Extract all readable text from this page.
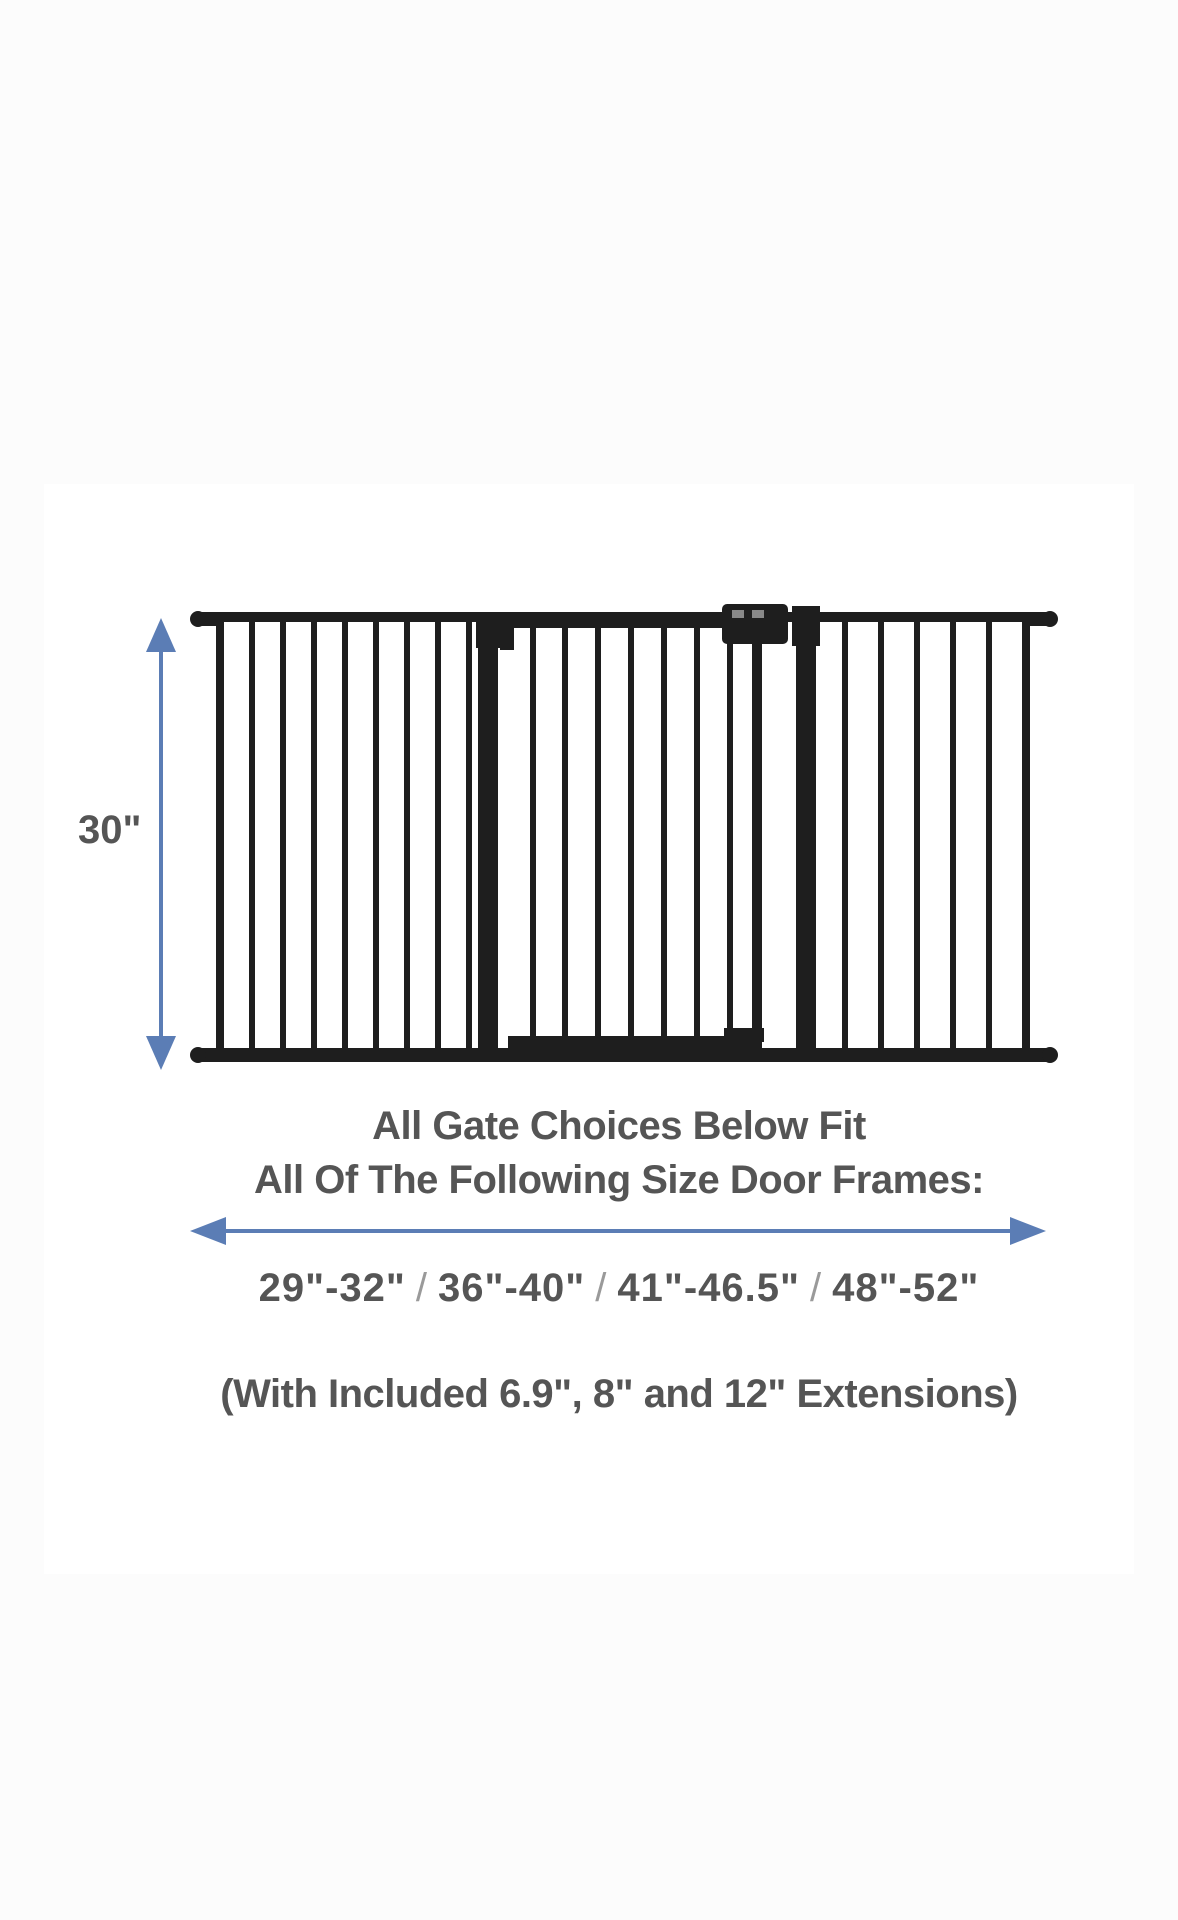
30"
All Gate Choices Below Fit
All Of The Following Size Door Frames:
29"-32" / 36"-40" / 41"-46.5" / 48"-52"
(With Included 6.9", 8" and 12" Extensions)
